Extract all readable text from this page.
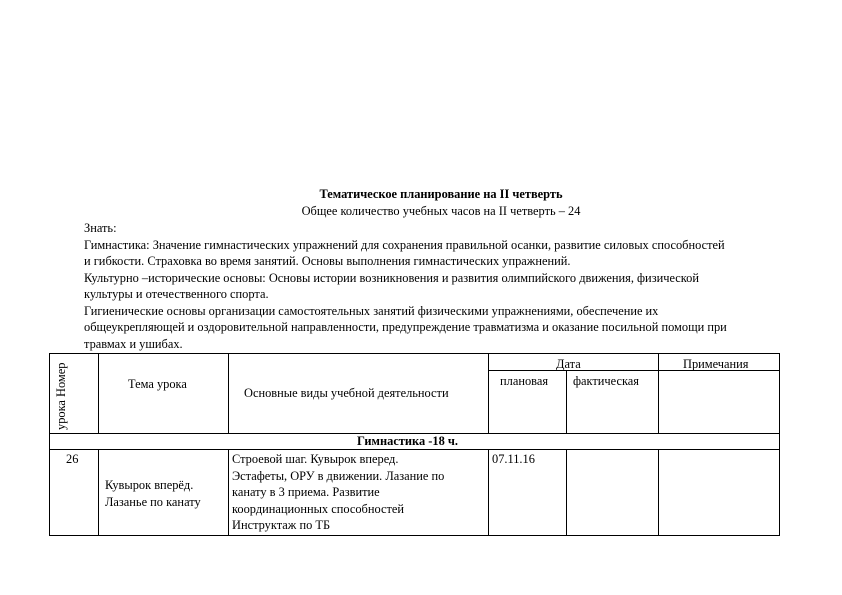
Тематическое планирование на II четверть
Общее количество учебных часов на II четверть – 24
Знать:
Гимнастика: Значение гимнастических упражнений для сохранения правильной осанки, развитие силовых способностей
и гибкости. Страховка во время занятий. Основы выполнения гимнастических упражнений.
Культурно –исторические основы: Основы истории возникновения и развития олимпийского движения, физической
культуры и отечественного спорта.
Гигиенические основы организации самостоятельных занятий физическими упражнениями, обеспечение их
общеукрепляющей и оздоровительной направленности, предупреждение травматизма и оказание посильной помощи при
травмах и ушибах.
урока Номер	Тема урока
Основные виды учебной деятельности
Дата
плановая фактическая
Примечания
Гимнастика -18 ч.
26
Кувырок вперёд.
Лазанье по канату
Строевой шаг. Кувырок вперед.
Эстафеты, ОРУ в движении. Лазание по
канату в 3 приема. Развитие
координационных способностей
Инструктаж по ТБ
07.11.16
